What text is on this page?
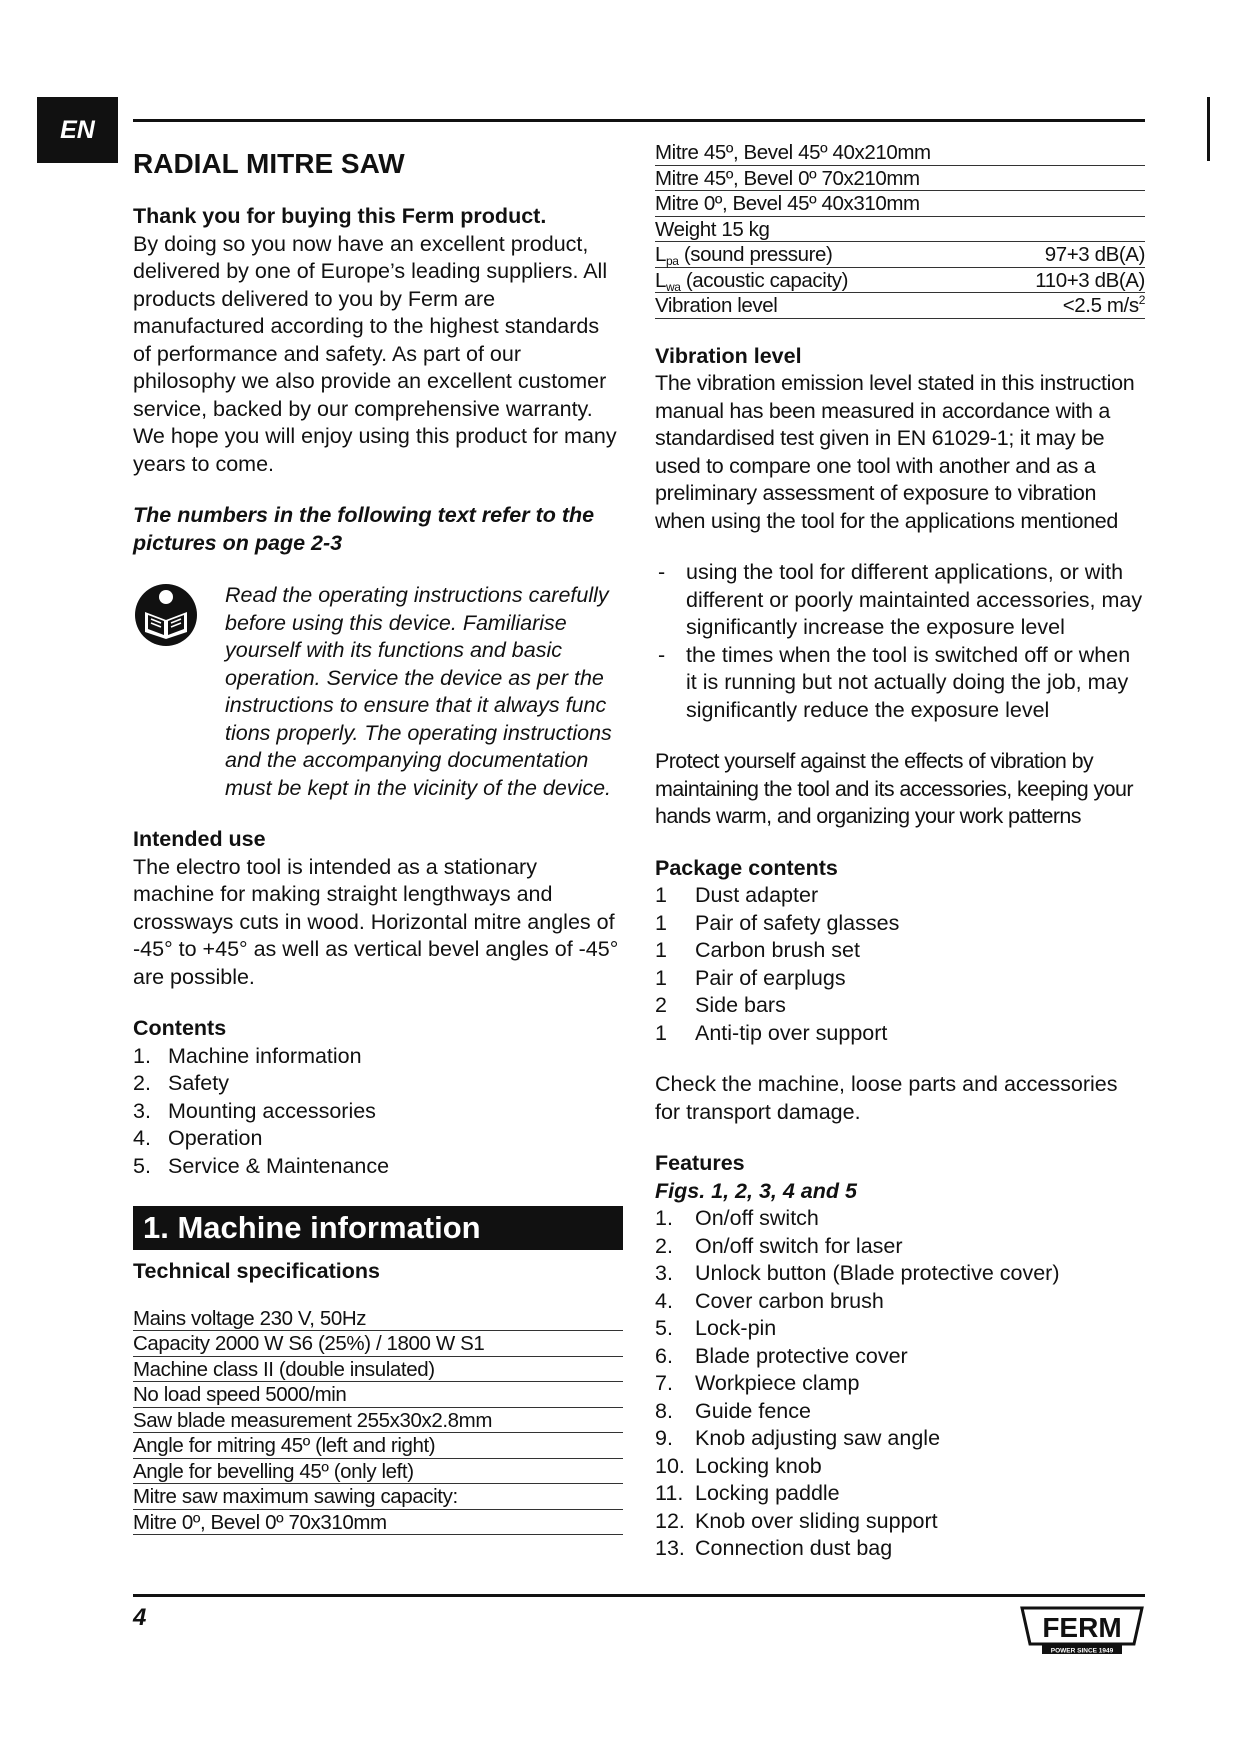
EN
RADIAL MITRE SAW

Thank you for buying this Ferm product.

By doing so you now have an excellent product, delivered by one of Europe’s leading suppliers. All products delivered to you by Ferm are manufactured according to the highest standards of performance and safety. As part of our philosophy we also provide an excellent customer service, backed by our comprehensive warranty. We hope you will enjoy using this product for many years to come.

The numbers in the following text refer to the pictures on page 2-3

Read the operating instructions carefully before using this device. Familiarise yourself with its functions and basic operation. Service the device as per the instructions to ensure that it always func tions properly. The operating instructions and the accompanying documentation must be kept in the vicinity of the device.

Intended use

The electro tool is intended as a stationary machine for making straight lengthways and crossways cuts in wood. Horizontal mitre angles of -45° to +45° as well as vertical bevel angles of -45° are possible.

Contents

1. Machine information
2. Safety
3. Mounting accessories
4. Operation
5. Service & Maintenance
1. Machine information

Technical specifications

Mains voltage 230 V, 50Hz
Capacity 2000 W S6 (25%) / 1800 W S1
Machine class II (double insulated)
No load speed 5000/min
Saw blade measurement 255x30x2.8mm
Angle for mitring 45º (left and right)
Angle for bevelling 45º (only left)
Mitre saw maximum sawing capacity:
Mitre 0º, Bevel 0º 70x310mm
Mitre 45º, Bevel 45º 40x210mm
Mitre 45º, Bevel 0º 70x210mm
Mitre 0º, Bevel 45º 40x310mm
Weight 15 kg
$L_{pa}$ (sound pressure)	97+3 dB(A)
$L_{wa}$ (acoustic capacity)	110+3 dB(A)
Vibration level	<2.5 $m/s^2$

Vibration level

The vibration emission level stated in this instruction manual has been measured in accordance with a standardised test given in EN 61029-1; it may be used to compare one tool with another and as a preliminary assessment of exposure to vibration when using the tool for the applications mentioned

- using the tool for different applications, or with different or poorly maintainted accessories, may significantly increase the exposure level
- the times when the tool is switched off or when it is running but not actually doing the job, may significantly reduce the exposure level

Protect yourself against the effects of vibration by maintaining the tool and its accessories, keeping your hands warm, and organizing your work patterns

Package contents

1	Dust adapter
1	Pair of safety glasses
1	Carbon brush set
1	Pair of earplugs
2	Side bars
1	Anti-tip over support

Check the machine, loose parts and accessories for transport damage.

Features

Figs. 1, 2, 3, 4 and 5

1.	On/off switch
2.	On/off switch for laser
3.	Unlock button (Blade protective cover)
4.	Cover carbon brush
5.	Lock-pin
6.	Blade protective cover
7.	Workpiece clamp
8.	Guide fence
9.	Knob adjusting saw angle
10. Locking knob
11. Locking paddle
12. Knob over sliding support
13. Connection dust bag
4	FERM
POWER SINCE 1949
